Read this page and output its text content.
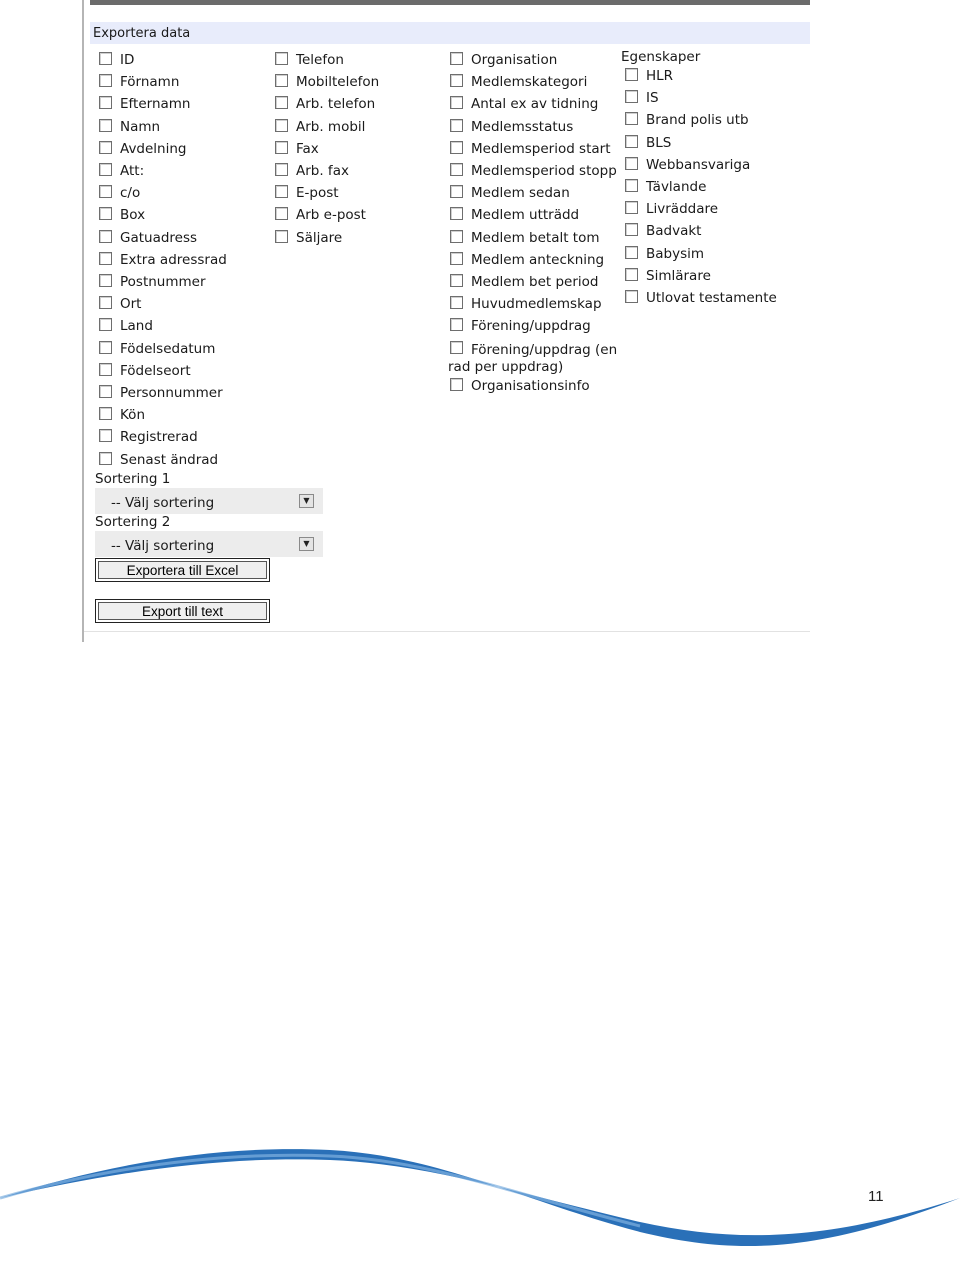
Exportera data
ID
Förnamn
Efternamn
Namn
Avdelning
Att:
c/o
Box
Gatuadress
Extra adressrad
Postnummer
Ort
Land
Födelsedatum
Födelseort
Personnummer
Kön
Registrerad
Senast ändrad
Telefon
Mobiltelefon
Arb. telefon
Arb. mobil
Fax
Arb. fax
E-post
Arb e-post
Säljare
Organisation
Medlemskategori
Antal ex av tidning
Medlemsstatus
Medlemsperiod start
Medlemsperiod stopp
Medlem sedan
Medlem utträdd
Medlem betalt tom
Medlem anteckning
Medlem bet period
Huvudmedlemskap
Förening/uppdrag
Förening/uppdrag (en rad per uppdrag)
Organisationsinfo
Egenskaper
HLR
IS
Brand polis utb
BLS
Webbansvariga
Tävlande
Livräddare
Badvakt
Babysim
Simlärare
Utlovat testamente
Sortering 1
-- Välj sortering	▼
Sortering 2
-- Välj sortering	▼
Exportera till Excel
Export till text
11
